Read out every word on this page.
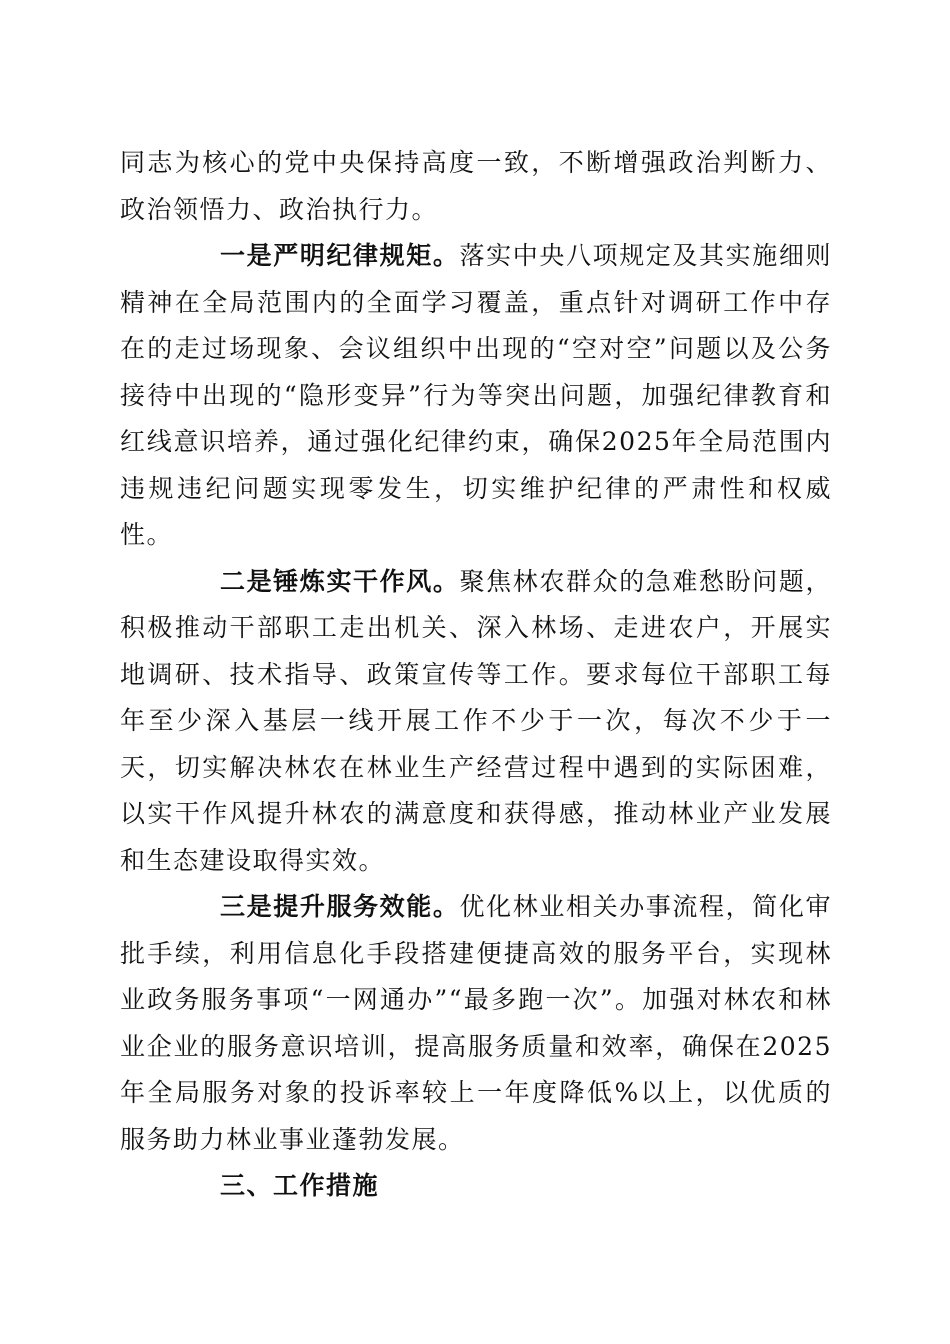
同志为核心的党中央保持高度一致，不断增强政治判断力、政治领悟力、政治执行力。

一是严明纪律规矩。落实中央八项规定及其实施细则精神在全局范围内的全面学习覆盖，重点针对调研工作中存在的走过场现象、会议组织中出现的“空对空”问题以及公务接待中出现的“隐形变异”行为等突出问题，加强纪律教育和红线意识培养，通过强化纪律约束，确保2025年全局范围内违规违纪问题实现零发生，切实维护纪律的严肃性和权威性。

二是锤炼实干作风。聚焦林农群众的急难愁盼问题，积极推动干部职工走出机关、深入林场、走进农户，开展实地调研、技术指导、政策宣传等工作。要求每位干部职工每年至少深入基层一线开展工作不少于一次，每次不少于一天，切实解决林农在林业生产经营过程中遇到的实际困难，以实干作风提升林农的满意度和获得感，推动林业产业发展和生态建设取得实效。

三是提升服务效能。优化林业相关办事流程，简化审批手续，利用信息化手段搭建便捷高效的服务平台，实现林业政务服务事项“一网通办”“最多跑一次”。加强对林农和林业企业的服务意识培训，提高服务质量和效率，确保在2025年全局服务对象的投诉率较上一年度降低%以上，以优质的服务助力林业事业蓬勃发展。

三、工作措施
